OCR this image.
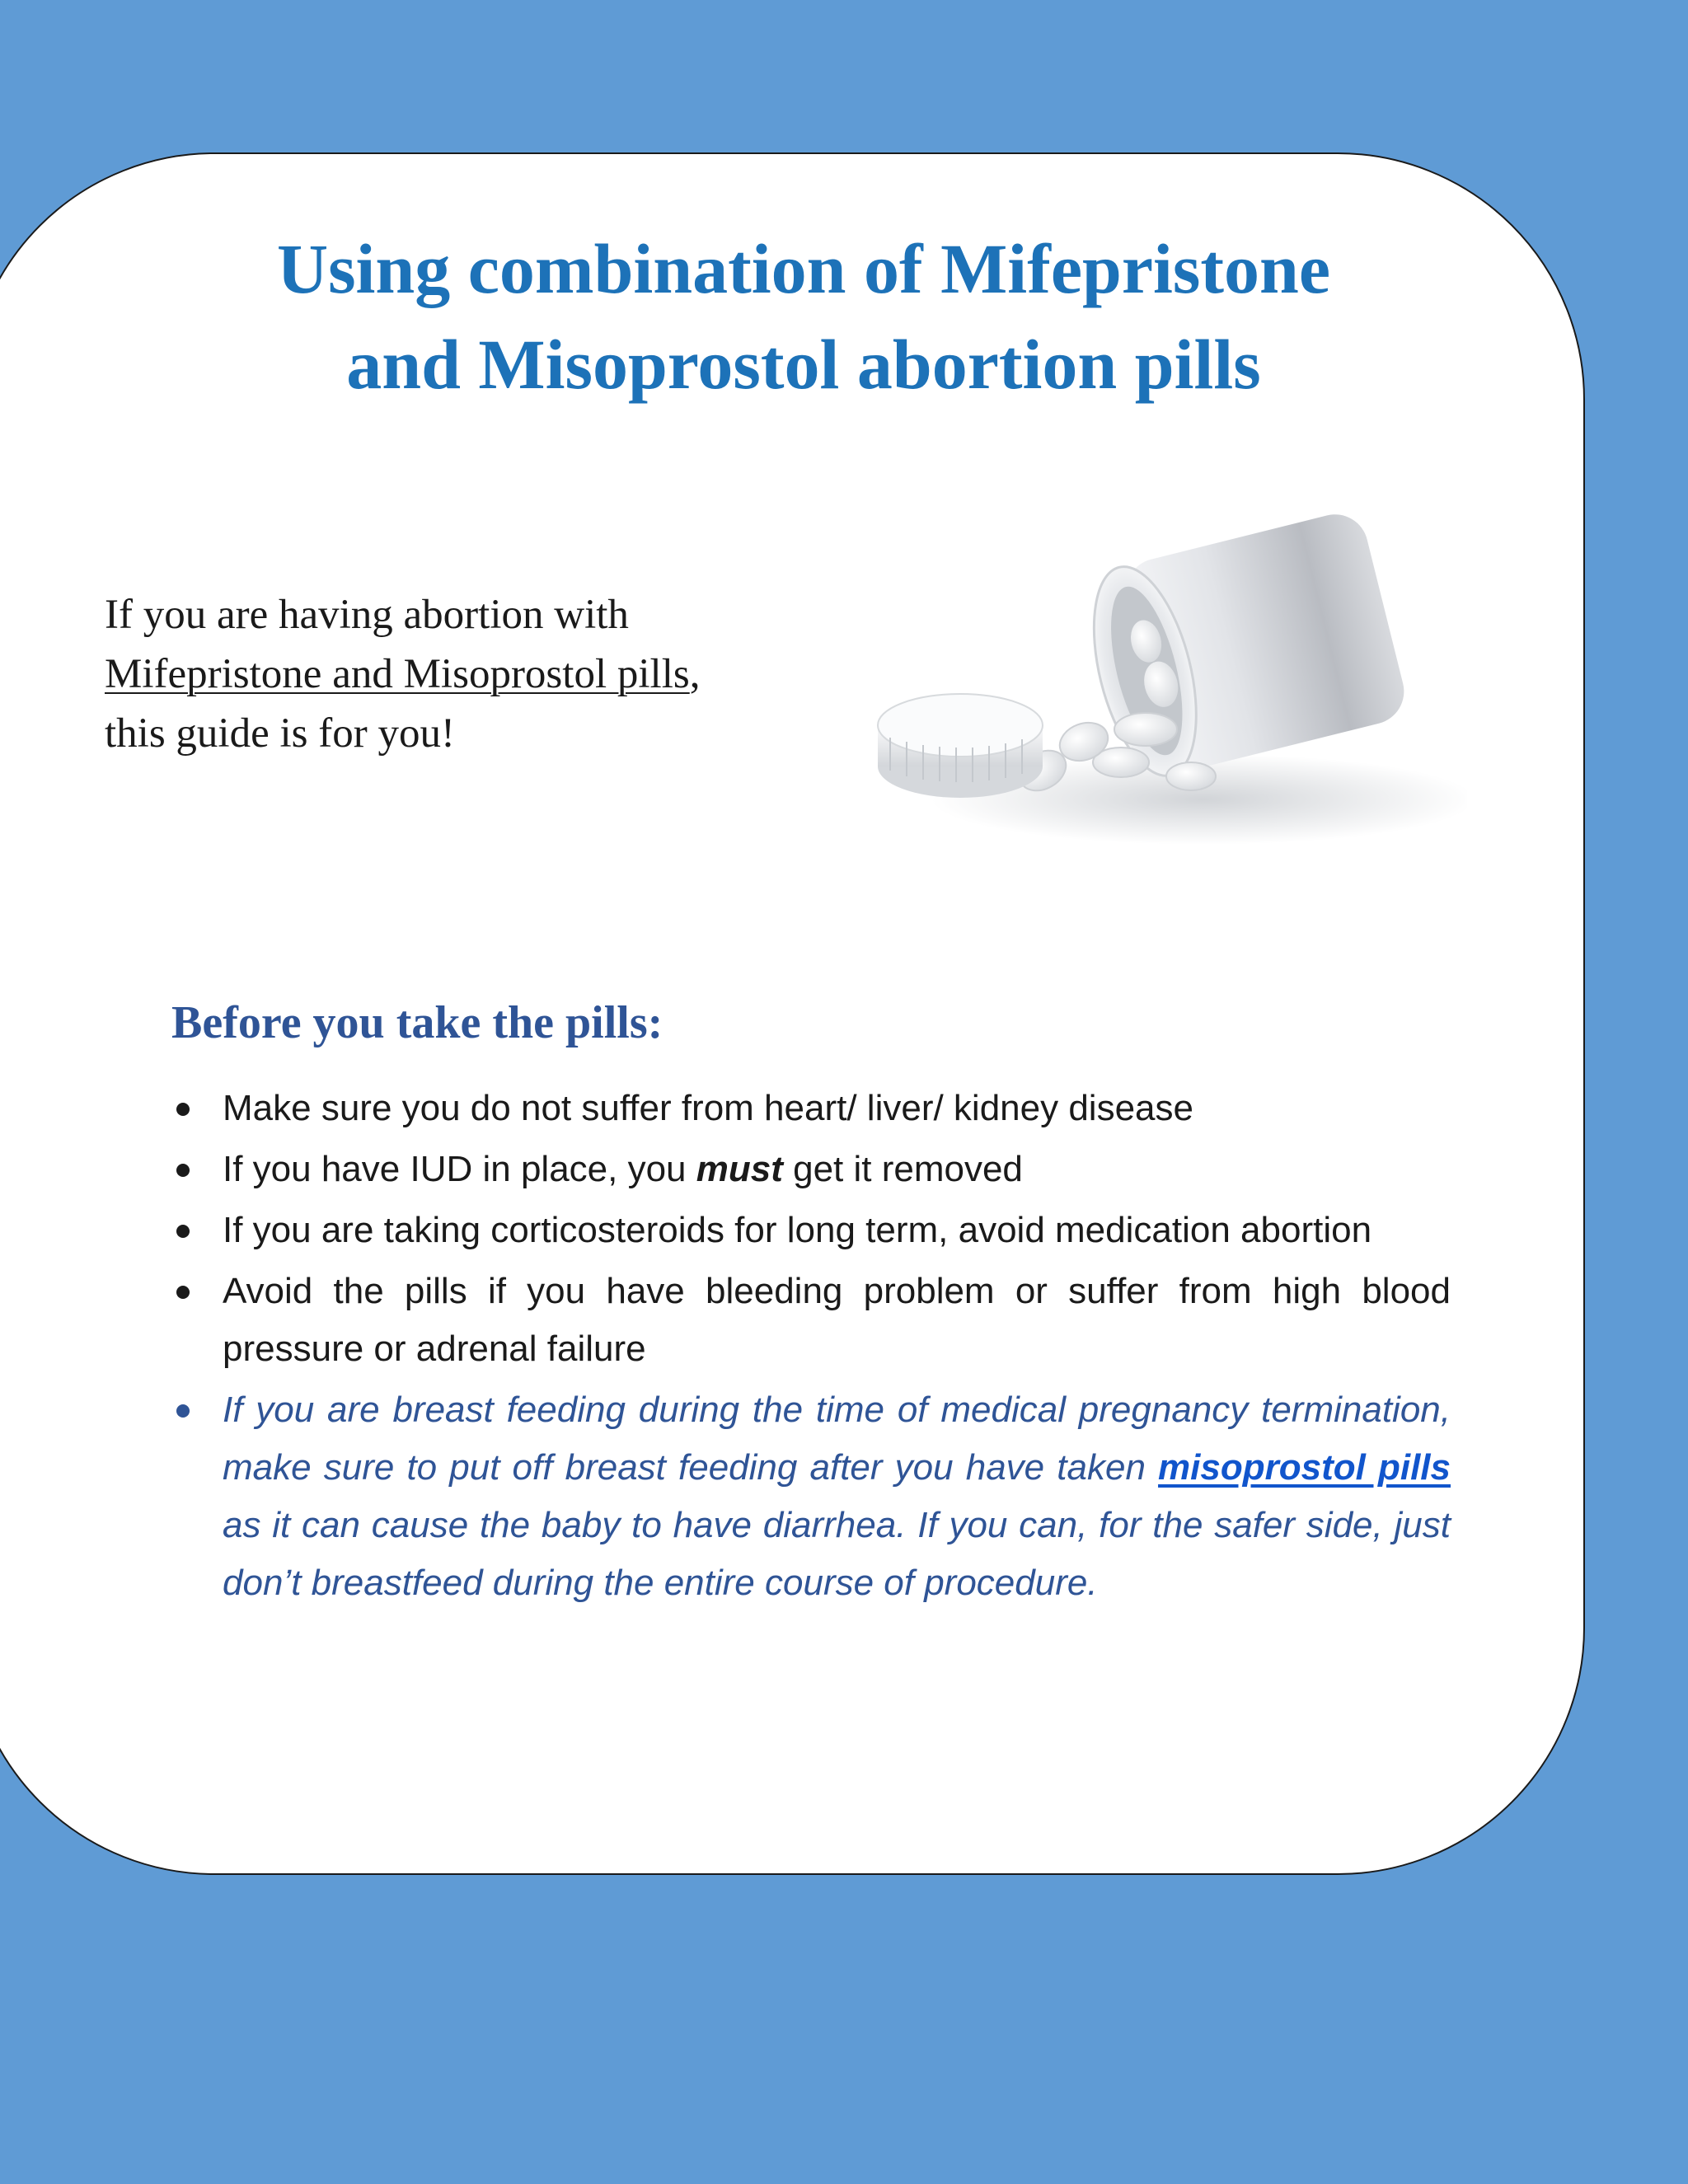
Using combination of Mifepristone
and Misoprostol abortion pills

If you are having abortion with Mifepristone and Misoprostol pills, this guide is for you!

Before you take the pills:
Make sure you do not suffer from heart/ liver/ kidney disease
If you have IUD in place, you must get it removed
If you are taking corticosteroids for long term, avoid medication abortion
Avoid the pills if you have bleeding problem or suffer from high blood pressure or adrenal failure
If you are breast feeding during the time of medical pregnancy termination, make sure to put off breast feeding after you have taken misoprostol pills as it can cause the baby to have diarrhea. If you can, for the safer side, just don’t breastfeed during the entire course of procedure.
